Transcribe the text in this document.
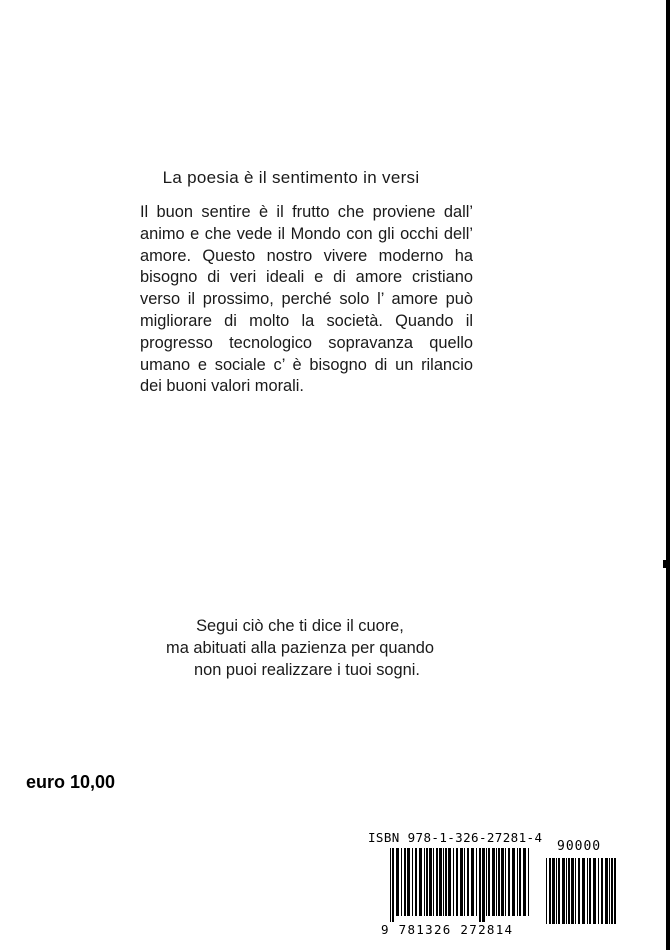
La poesia è il sentimento in versi
Il buon sentire è il frutto che proviene dall’ animo e che vede il Mondo con gli occhi dell’ amore. Questo nostro vivere moderno ha bisogno di veri ideali e di amore cristiano verso il prossimo, perché solo l’ amore può migliorare di molto la società. Quando il progresso tecnologico sopravanza quello umano e sociale c’ è bisogno di un rilancio dei buoni valori morali.
Segui ciò che ti dice il cuore,
ma abituati alla pazienza per quando
non puoi realizzare i tuoi sogni.
euro 10,00
ISBN 978-1-326-27281-4
90000
9 781326 272814
